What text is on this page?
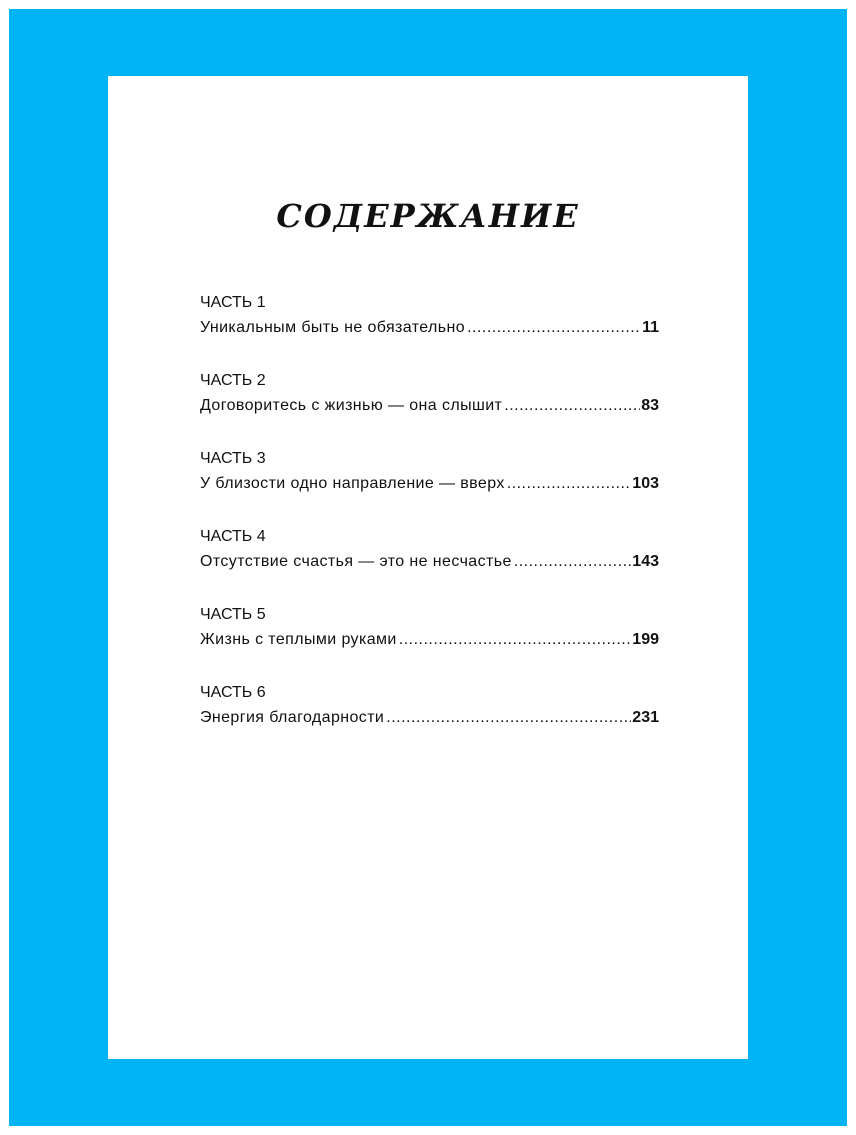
СОДЕРЖАНИЕ
ЧАСТЬ 1
Уникальным быть не обязательно .....	11
ЧАСТЬ 2
Договоритесь с жизнью — она слышит .....	83
ЧАСТЬ 3
У близости одно направление — вверх .....	103
ЧАСТЬ 4
Отсутствие счастья — это не несчастье .....	143
ЧАСТЬ 5
Жизнь с теплыми руками .....	199
ЧАСТЬ 6
Энергия благодарности .....	231
